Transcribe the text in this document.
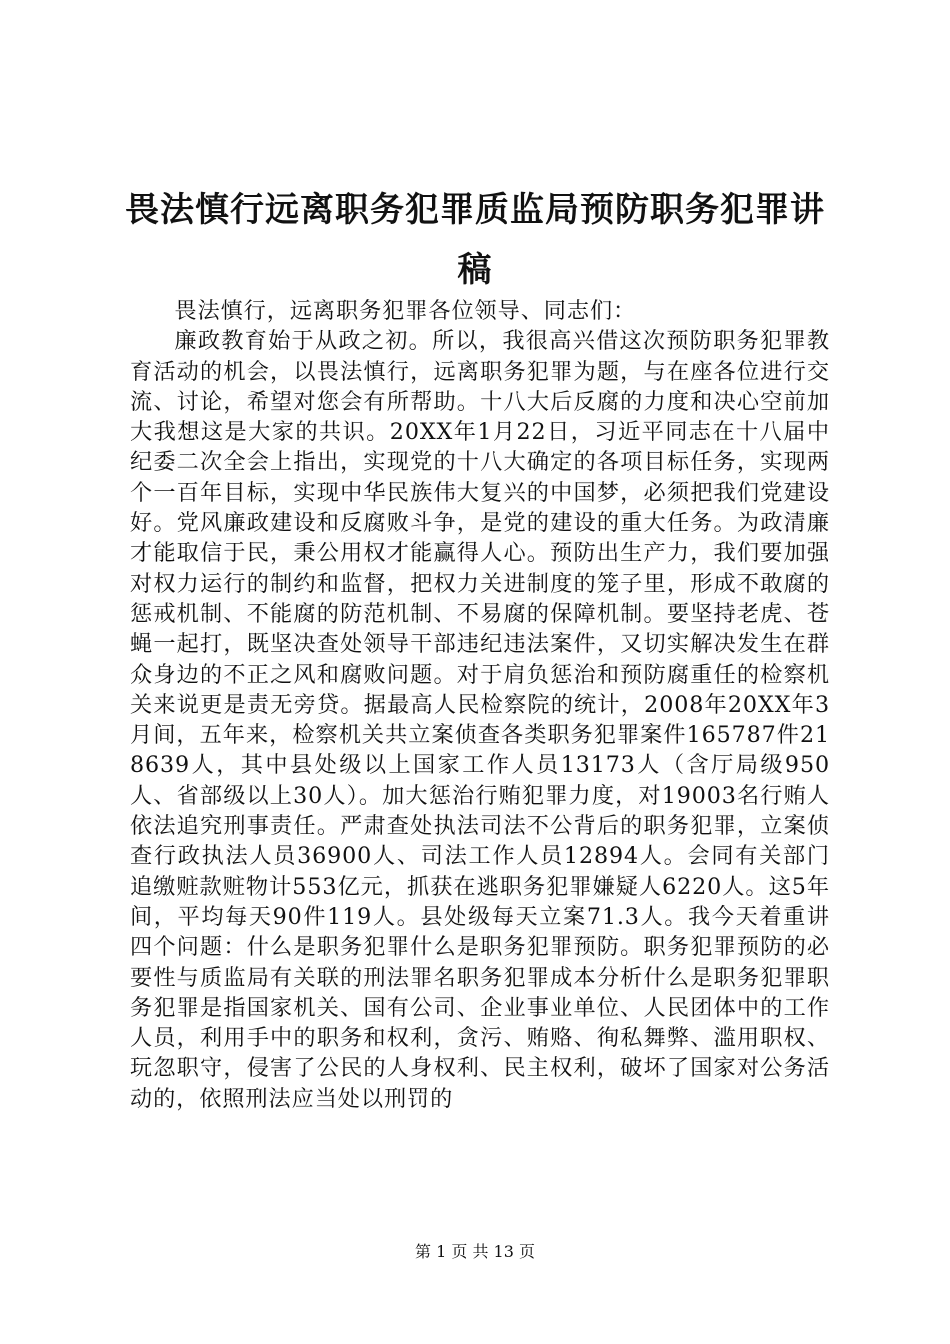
畏法慎行远离职务犯罪质监局预防职务犯罪讲稿

畏法慎行，远离职务犯罪各位领导、同志们：

廉政教育始于从政之初。所以，我很高兴借这次预防职务犯罪教育活动的机会，以畏法慎行，远离职务犯罪为题，与在座各位进行交流、讨论，希望对您会有所帮助。十八大后反腐的力度和决心空前加大我想这是大家的共识。20XX年1月22日，习近平同志在十八届中纪委二次全会上指出，实现党的十八大确定的各项目标任务，实现两个一百年目标，实现中华民族伟大复兴的中国梦，必须把我们党建设好。党风廉政建设和反腐败斗争，是党的建设的重大任务。为政清廉才能取信于民，秉公用权才能赢得人心。预防出生产力，我们要加强对权力运行的制约和监督，把权力关进制度的笼子里，形成不敢腐的惩戒机制、不能腐的防范机制、不易腐的保障机制。要坚持老虎、苍蝇一起打，既坚决查处领导干部违纪违法案件，又切实解决发生在群众身边的不正之风和腐败问题。对于肩负惩治和预防腐重任的检察机关来说更是责无旁贷。据最高人民检察院的统计，2008年20XX年3月间，五年来，检察机关共立案侦查各类职务犯罪案件165787件218639人，其中县处级以上国家工作人员13173人（含厅局级950人、省部级以上30人）。加大惩治行贿犯罪力度，对19003名行贿人依法追究刑事责任。严肃查处执法司法不公背后的职务犯罪，立案侦查行政执法人员36900人、司法工作人员12894人。会同有关部门追缴赃款赃物计553亿元，抓获在逃职务犯罪嫌疑人6220人。这5年间，平均每天90件119人。县处级每天立案71.3人。我今天着重讲四个问题：什么是职务犯罪什么是职务犯罪预防。职务犯罪预防的必要性与质监局有关联的刑法罪名职务犯罪成本分析什么是职务犯罪职务犯罪是指国家机关、国有公司、企业事业单位、人民团体中的工作人员，利用手中的职务和权利，贪污、贿赂、徇私舞弊、滥用职权、玩忽职守，侵害了公民的人身权利、民主权利，破坏了国家对公务活动的，依照刑法应当处以刑罚的

第 1 页 共 13 页
